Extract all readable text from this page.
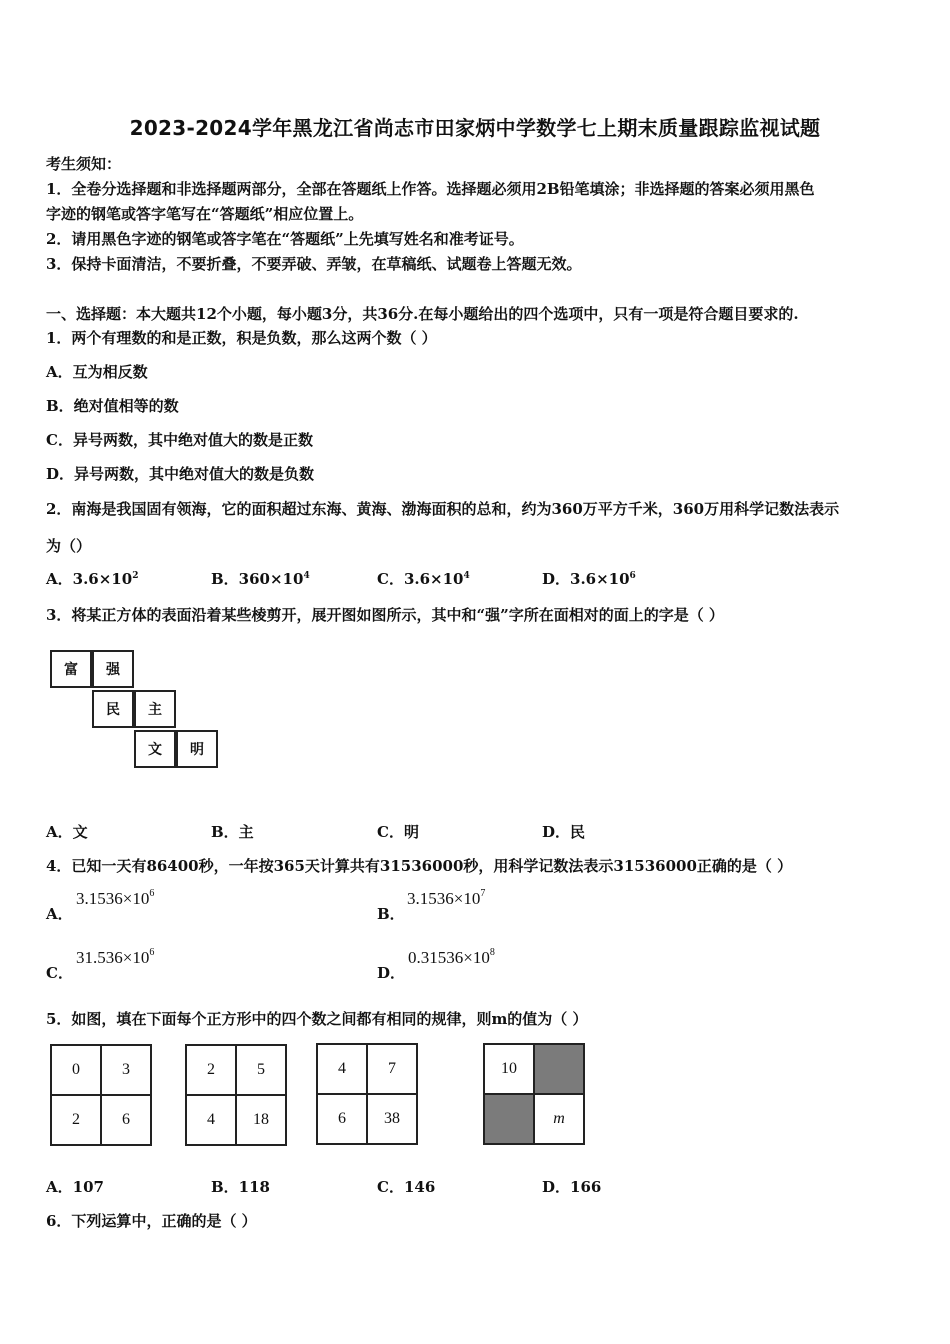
2023-2024学年黑龙江省尚志市田家炳中学数学七上期末质量跟踪监视试题
考生须知：
1．全卷分选择题和非选择题两部分，全部在答题纸上作答。选择题必须用2B铅笔填涂；非选择题的答案必须用黑色
字迹的钢笔或答字笔写在“答题纸”相应位置上。
2．请用黑色字迹的钢笔或答字笔在“答题纸”上先填写姓名和准考证号。
3．保持卡面清洁，不要折叠，不要弄破、弄皱，在草稿纸、试题卷上答题无效。
一、选择题：本大题共12个小题，每小题3分，共36分.在每小题给出的四个选项中，只有一项是符合题目要求的.
1．两个有理数的和是正数，积是负数，那么这两个数（ ）
A．互为相反数
B．绝对值相等的数
C．异号两数，其中绝对值大的数是正数
D．异号两数，其中绝对值大的数是负数
2．南海是我国固有领海，它的面积超过东海、黄海、渤海面积的总和，约为360万平方千米，360万用科学记数法表示
为（）
A．$3.6\times 10^2$	B．$360\times 10^4$	C．$3.6\times 10^4$	D．$3.6\times 10^6$
3．将某正方体的表面沿着某些棱剪开，展开图如图所示，其中和“强”字所在面相对的面上的字是（ ）
富	强
民	主
文	明
A．文	B．主	C．明	D．民
4．已知一天有86400秒，一年按365天计算共有31536000秒，用科学记数法表示31536000正确的是（ ）
A．
$3.1536\times 10^6$
B．
$3.1536\times 10^7$
C．
$31.536\times 10^6$
D．
$0.31536\times 10^8$
5．如图，填在下面每个正方形中的四个数之间都有相同的规律，则m的值为（ ）
0	3
2	6
2	5
4	18
4	7
6	38
10
m
A．107	B．118	C．146	D．166
6．下列运算中，正确的是（ ）
